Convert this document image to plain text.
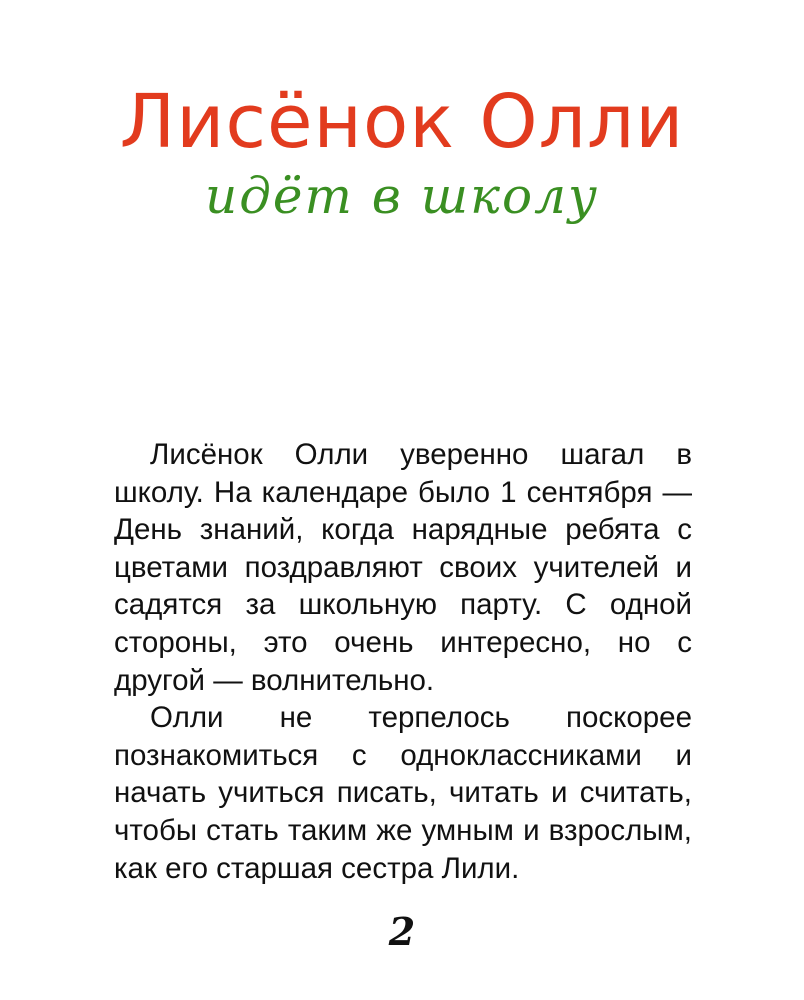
Лисёнок Олли
идёт в школу

Лисёнок Олли уверенно шагал в школу. На календаре было 1 сентября — День знаний, когда нарядные ребята с цветами поздравляют своих учителей и садятся за школьную парту. С одной стороны, это очень интересно, но с другой — волнительно.

Олли не терпелось поскорее познакомиться с одноклассниками и начать учиться писать, читать и считать, чтобы стать таким же умным и взрослым, как его старшая сестра Лили.

2
